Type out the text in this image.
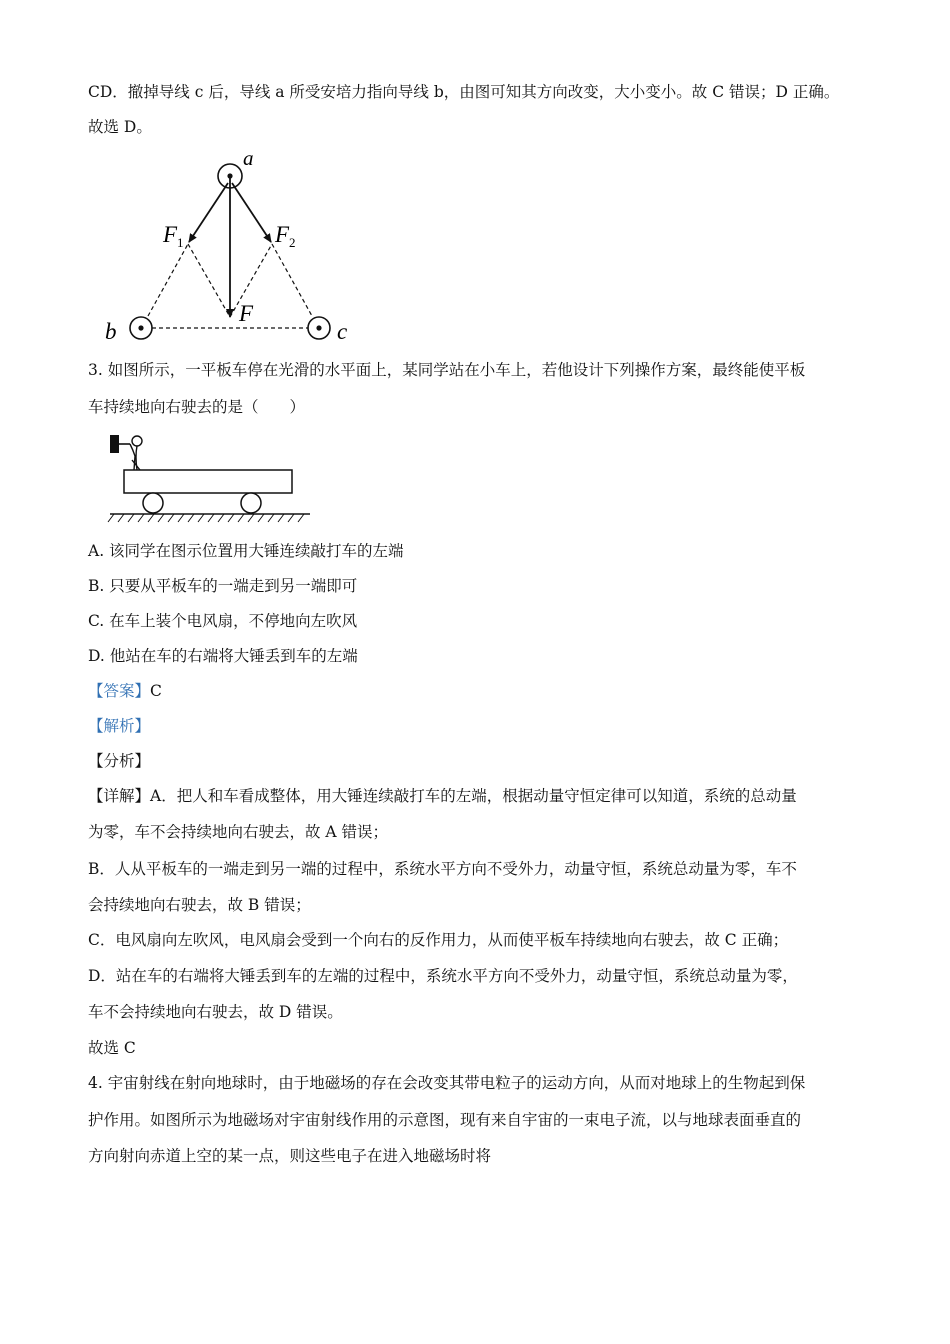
CD．撤掉导线 c 后，导线 a 所受安培力指向导线 b，由图可知其方向改变，大小变小。故 C 错误；D 正确。
故选 D。
a
b	c
F
F 1	F 2
3. 如图所示，一平板车停在光滑的水平面上，某同学站在小车上，若他设计下列操作方案，最终能使平板
车持续地向右驶去的是（　　）
A. 该同学在图示位置用大锤连续敲打车的左端
B. 只要从平板车的一端走到另一端即可
C. 在车上装个电风扇，不停地向左吹风
D. 他站在车的右端将大锤丢到车的左端
【答案】C
【解析】
【分析】
【详解】A．把人和车看成整体，用大锤连续敲打车的左端，根据动量守恒定律可以知道，系统的总动量
为零，车不会持续地向右驶去，故 A 错误；
B．人从平板车的一端走到另一端的过程中，系统水平方向不受外力，动量守恒，系统总动量为零，车不
会持续地向右驶去，故 B 错误；
C．电风扇向左吹风，电风扇会受到一个向右的反作用力，从而使平板车持续地向右驶去，故 C 正确；
D．站在车的右端将大锤丢到车的左端的过程中，系统水平方向不受外力，动量守恒，系统总动量为零，
车不会持续地向右驶去，故 D 错误。
故选 C
4. 宇宙射线在射向地球时，由于地磁场的存在会改变其带电粒子的运动方向，从而对地球上的生物起到保
护作用。如图所示为地磁场对宇宙射线作用的示意图，现有来自宇宙的一束电子流，以与地球表面垂直的
方向射向赤道上空的某一点，则这些电子在进入地磁场时将
